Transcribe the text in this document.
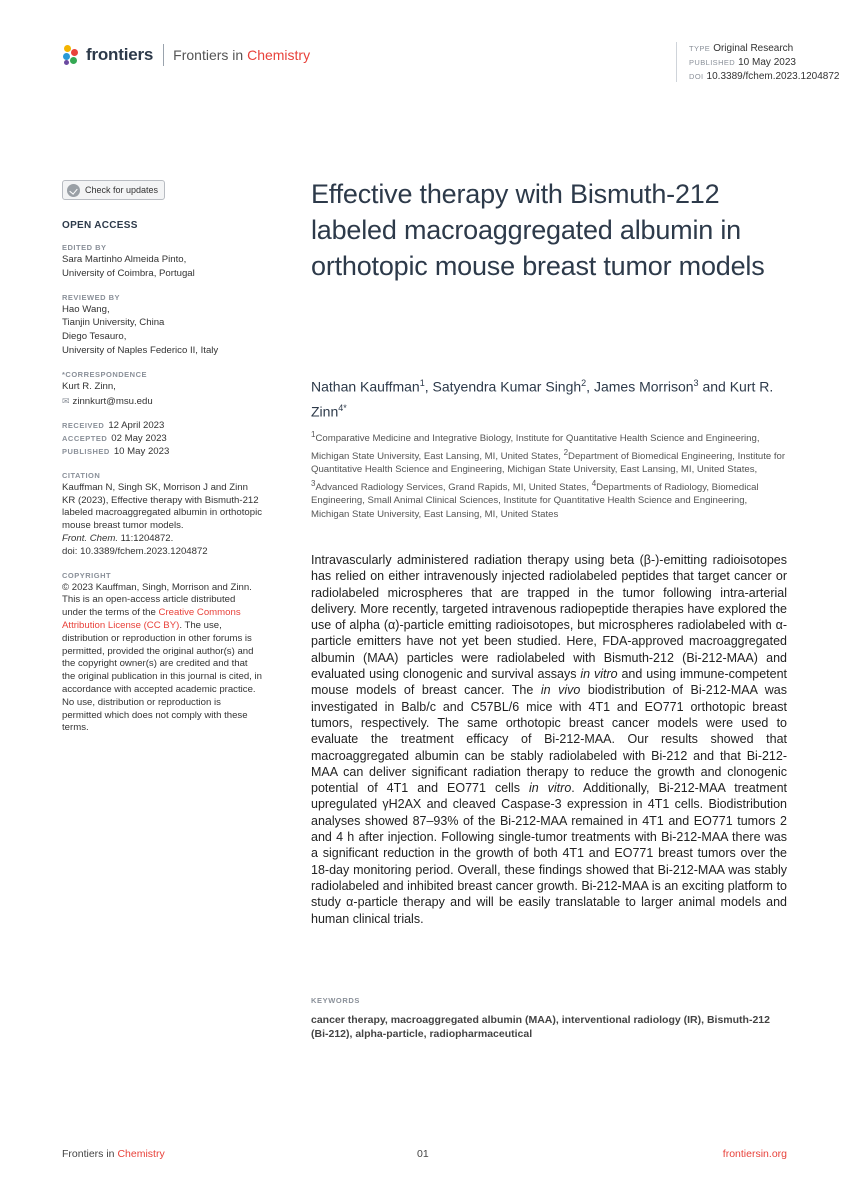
frontiers Frontiers in Chemistry	TYPE Original Research
PUBLISHED 10 May 2023
DOI 10.3389/fchem.2023.1204872
Check for updates
OPEN ACCESS
EDITED BY
Sara Martinho Almeida Pinto,
University of Coimbra, Portugal
REVIEWED BY
Hao Wang,
Tianjin University, China
Diego Tesauro,
University of Naples Federico II, Italy
*CORRESPONDENCE
Kurt R. Zinn,
✉ zinnkurt@msu.edu
RECEIVED 12 April 2023
ACCEPTED 02 May 2023
PUBLISHED 10 May 2023
CITATION
Kauffman N, Singh SK, Morrison J and Zinn KR (2023), Effective therapy with Bismuth-212 labeled macroaggregated albumin in orthotopic mouse breast tumor models.
Front. Chem. 11:1204872.
doi: 10.3389/fchem.2023.1204872
COPYRIGHT
© 2023 Kauffman, Singh, Morrison and Zinn. This is an open-access article distributed under the terms of the Creative Commons Attribution License (CC BY). The use, distribution or reproduction in other forums is permitted, provided the original author(s) and the copyright owner(s) are credited and that the original publication in this journal is cited, in accordance with accepted academic practice. No use, distribution or reproduction is permitted which does not comply with these terms.
Effective therapy with Bismuth-212 labeled macroaggregated albumin in orthotopic mouse breast tumor models
Nathan Kauffman$^1$, Satyendra Kumar Singh$^2$, James Morrison$^3$ and Kurt R. Zinn$^{4*}$
$^1$Comparative Medicine and Integrative Biology, Institute for Quantitative Health Science and Engineering, Michigan State University, East Lansing, MI, United States, $^2$Department of Biomedical Engineering, Institute for Quantitative Health Science and Engineering, Michigan State University, East Lansing, MI, United States, $^3$Advanced Radiology Services, Grand Rapids, MI, United States, $^4$Departments of Radiology, Biomedical Engineering, Small Animal Clinical Sciences, Institute for Quantitative Health Science and Engineering, Michigan State University, East Lansing, MI, United States

Intravascularly administered radiation therapy using beta (β-)-emitting radioisotopes has relied on either intravenously injected radiolabeled peptides that target cancer or radiolabeled microspheres that are trapped in the tumor following intra-arterial delivery. More recently, targeted intravenous radiopeptide therapies have explored the use of alpha (α)-particle emitting radioisotopes, but microspheres radiolabeled with α-particle emitters have not yet been studied. Here, FDA-approved macroaggregated albumin (MAA) particles were radiolabeled with Bismuth-212 (Bi-212-MAA) and evaluated using clonogenic and survival assays in vitro and using immune-competent mouse models of breast cancer. The in vivo biodistribution of Bi-212-MAA was investigated in Balb/c and C57BL/6 mice with 4T1 and EO771 orthotopic breast tumors, respectively. The same orthotopic breast cancer models were used to evaluate the treatment efficacy of Bi-212-MAA. Our results showed that macroaggregated albumin can be stably radiolabeled with Bi-212 and that Bi-212-MAA can deliver significant radiation therapy to reduce the growth and clonogenic potential of 4T1 and EO771 cells in vitro. Additionally, Bi-212-MAA treatment upregulated γH2AX and cleaved Caspase-3 expression in 4T1 cells. Biodistribution analyses showed 87–93% of the Bi-212-MAA remained in 4T1 and EO771 tumors 2 and 4 h after injection. Following single-tumor treatments with Bi-212-MAA there was a significant reduction in the growth of both 4T1 and EO771 breast tumors over the 18-day monitoring period. Overall, these findings showed that Bi-212-MAA was stably radiolabeled and inhibited breast cancer growth. Bi-212-MAA is an exciting platform to study α-particle therapy and will be easily translatable to larger animal models and human clinical trials.

KEYWORDS
cancer therapy, macroaggregated albumin (MAA), interventional radiology (IR), Bismuth-212 (Bi-212), alpha-particle, radiopharmaceutical
Frontiers in Chemistry	01	frontiersin.org
